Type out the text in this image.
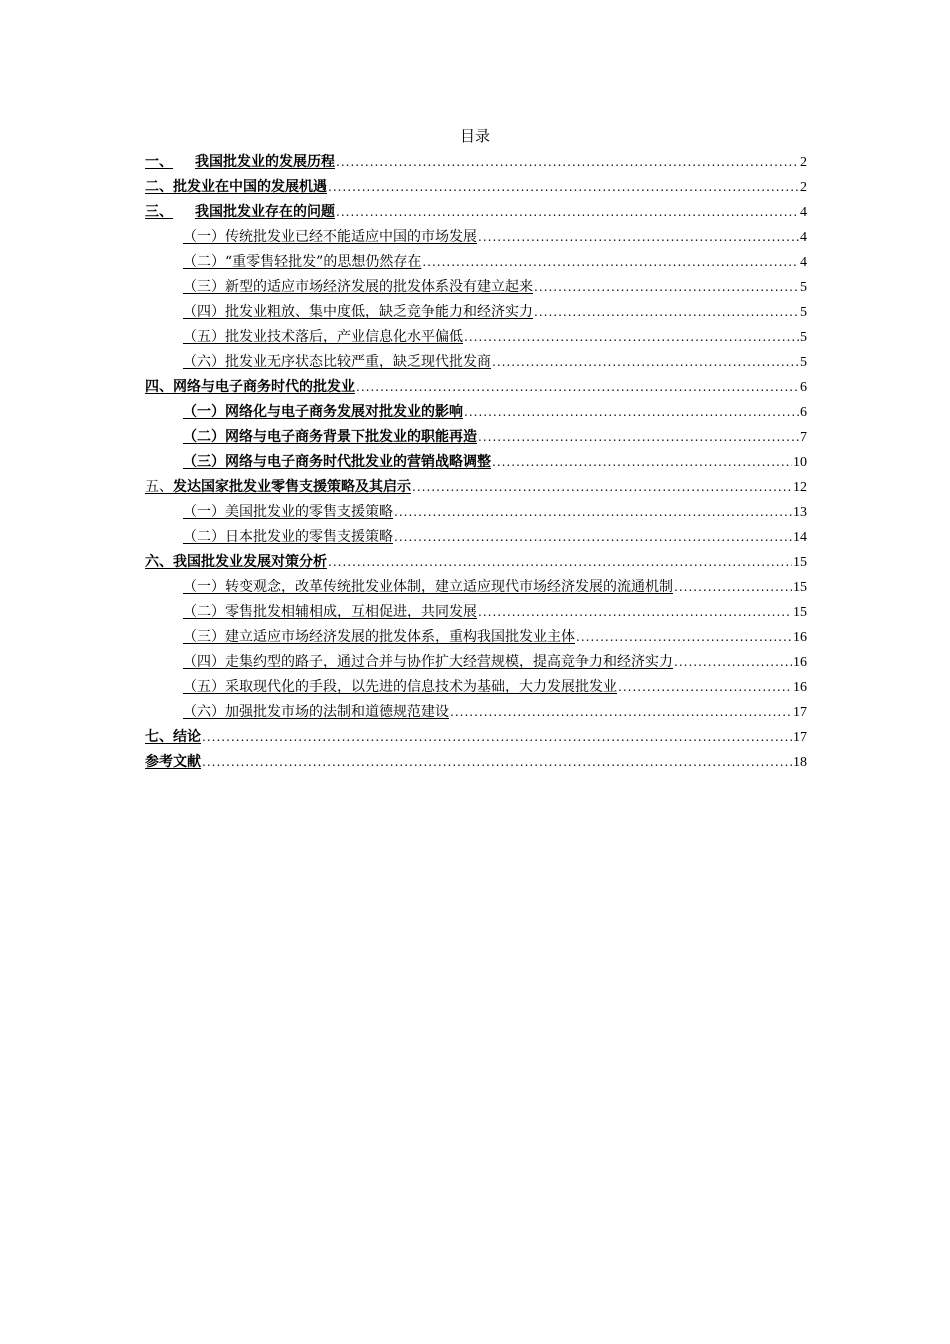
目录
一、 我国批发业的发展历程 .....	2
二、批发业在中国的发展机遇 .....	2
三、 我国批发业存在的问题 .....	4
（一）传统批发业已经不能适应中国的市场发展 .....	4
（二）“重零售轻批发”的思想仍然存在 .....	4
（三）新型的适应市场经济发展的批发体系没有建立起来 .....	5
（四）批发业粗放、集中度低，缺乏竞争能力和经济实力 .....	5
（五）批发业技术落后，产业信息化水平偏低 .....	5
（六）批发业无序状态比较严重，缺乏现代批发商 .....	5
四、网络与电子商务时代的批发业 .....	6
（一）网络化与电子商务发展对批发业的影响 .....	6
（二）网络与电子商务背景下批发业的职能再造 .....	7
（三）网络与电子商务时代批发业的营销战略调整 .....	10
五、发达国家批发业零售支援策略及其启示 .....	12
（一）美国批发业的零售支援策略 .....	13
（二）日本批发业的零售支援策略 .....	14
六、我国批发业发展对策分析 .....	15
（一）转变观念，改革传统批发业体制，建立适应现代市场经济发展的流通机制 .....	15
（二）零售批发相辅相成，互相促进，共同发展 .....	15
（三）建立适应市场经济发展的批发体系，重构我国批发业主体 .....	16
（四）走集约型的路子，通过合并与协作扩大经营规模，提高竞争力和经济实力 .....	16
（五）采取现代化的手段，以先进的信息技术为基础，大力发展批发业 .....	16
（六）加强批发市场的法制和道德规范建设 .....	17
七、结论 .....	17
参考文献 .....	18
